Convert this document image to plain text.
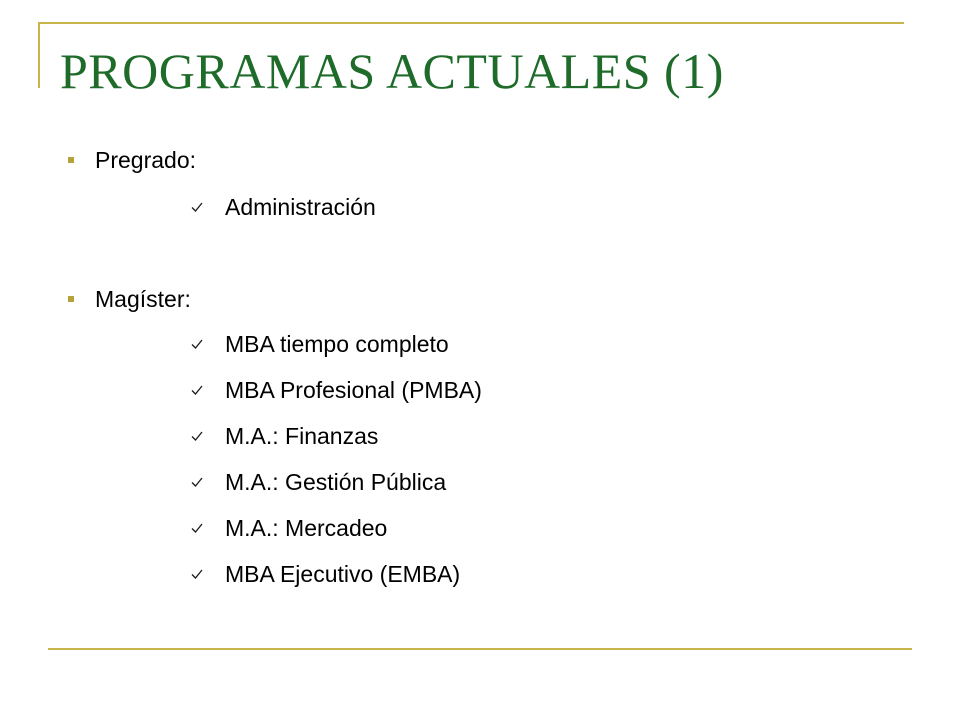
PROGRAMAS ACTUALES (1)
Pregrado:
Administración
Magíster:
MBA tiempo completo
MBA Profesional (PMBA)
M.A.: Finanzas
M.A.: Gestión Pública
M.A.: Mercadeo
MBA Ejecutivo (EMBA)
